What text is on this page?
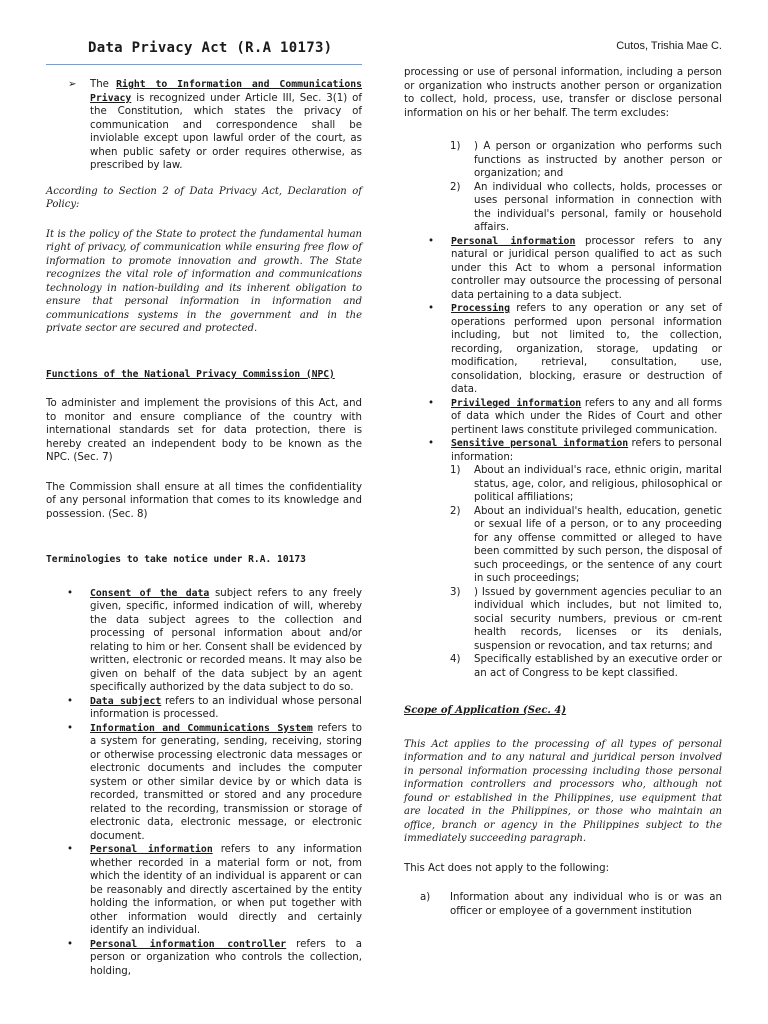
Data Privacy Act (R.A 10173)	Cutos, Trishia Mae C.
➢ The Right to Information and Communications Privacy is recognized under Article III, Sec. 3(1) of the Constitution, which states the privacy of communication and correspondence shall be inviolable except upon lawful order of the court, as when public safety or order requires otherwise, as prescribed by law.

According to Section 2 of Data Privacy Act, Declaration of Policy:

It is the policy of the State to protect the fundamental human right of privacy, of communication while ensuring free flow of information to promote innovation and growth. The State recognizes the vital role of information and communications technology in nation-building and its inherent obligation to ensure that personal information in information and communications systems in the government and in the private sector are secured and protected.

Functions of the National Privacy Commission (NPC)

To administer and implement the provisions of this Act, and to monitor and ensure compliance of the country with international standards set for data protection, there is hereby created an independent body to be known as the NPC. (Sec. 7)

The Commission shall ensure at all times the confidentiality of any personal information that comes to its knowledge and possession. (Sec. 8)

Terminologies to take notice under R.A. 10173

• Consent of the data subject refers to any freely given, specific, informed indication of will, whereby the data subject agrees to the collection and processing of personal information about and/or relating to him or her. Consent shall be evidenced by written, electronic or recorded means. It may also be given on behalf of the data subject by an agent specifically authorized by the data subject to do so.
• Data subject refers to an individual whose personal information is processed.
• Information and Communications System refers to a system for generating, sending, receiving, storing or otherwise processing electronic data messages or electronic documents and includes the computer system or other similar device by or which data is recorded, transmitted or stored and any procedure related to the recording, transmission or storage of electronic data, electronic message, or electronic document.
• Personal information refers to any information whether recorded in a material form or not, from which the identity of an individual is apparent or can be reasonably and directly ascertained by the entity holding the information, or when put together with other information would directly and certainly identify an individual.
• Personal information controller refers to a person or organization who controls the collection, holding,

processing or use of personal information, including a person or organization who instructs another person or organization to collect, hold, process, use, transfer or disclose personal information on his or her behalf. The term excludes:

1) ) A person or organization who performs such functions as instructed by another person or organization; and
2) An individual who collects, holds, processes or uses personal information in connection with the individual's personal, family or household affairs.
• Personal information processor refers to any natural or juridical person qualified to act as such under this Act to whom a personal information controller may outsource the processing of personal data pertaining to a data subject.
• Processing refers to any operation or any set of operations performed upon personal information including, but not limited to, the collection, recording, organization, storage, updating or modification, retrieval, consultation, use, consolidation, blocking, erasure or destruction of data.
• Privileged information refers to any and all forms of data which under the Rides of Court and other pertinent laws constitute privileged communication.
• Sensitive personal information refers to personal information:
1) About an individual's race, ethnic origin, marital status, age, color, and religious, philosophical or political affiliations;
2) About an individual's health, education, genetic or sexual life of a person, or to any proceeding for any offense committed or alleged to have been committed by such person, the disposal of such proceedings, or the sentence of any court in such proceedings;
3) ) Issued by government agencies peculiar to an individual which includes, but not limited to, social security numbers, previous or cm-rent health records, licenses or its denials, suspension or revocation, and tax returns; and
4) Specifically established by an executive order or an act of Congress to be kept classified.

Scope of Application (Sec. 4)

This Act applies to the processing of all types of personal information and to any natural and juridical person involved in personal information processing including those personal information controllers and processors who, although not found or established in the Philippines, use equipment that are located in the Philippines, or those who maintain an office, branch or agency in the Philippines subject to the immediately succeeding paragraph.

This Act does not apply to the following:

a) Information about any individual who is or was an officer or employee of a government institution
